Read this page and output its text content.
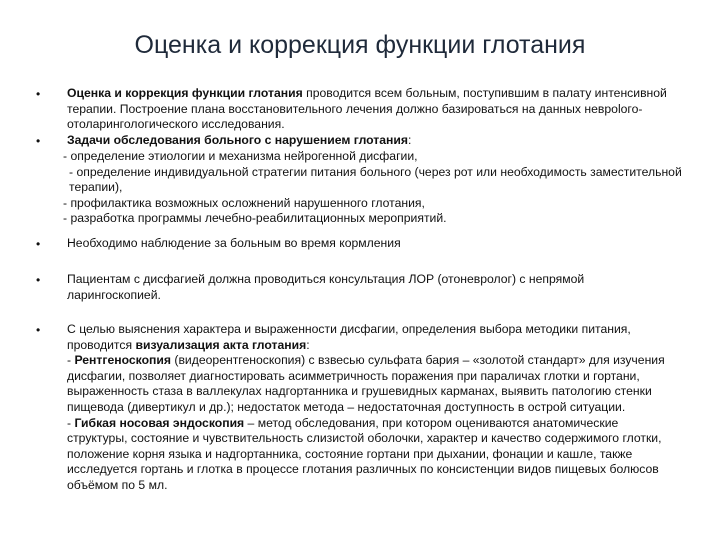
Оценка и коррекция функции глотания
• Оценка и коррекция функции глотания проводится всем больным, поступившим в палату интенсивной терапии. Построение плана восстановительного лечения должно базироваться на данных неврolого-отоларингологического исследования.

• Задачи обследования больного с нарушением глотания:

- определение этиологии и механизма нейрогенной дисфагии,

- определение индивидуальной стратегии питания больного (через рот или необходимость заместительной терапии),

- профилактика возможных осложнений нарушенного глотания,

- разработка программы лечебно-реабилитационных мероприятий.

• Необходимо наблюдение за больным во время кормления
• Пациентам с дисфагией должна проводиться консультация ЛОР (отоневролог) с непрямой ларингоскопией.
• С целью выяснения характера и выраженности дисфагии, определения выбора методики питания, проводится визуализация акта глотания:

- Рентгеноскопия (видеорентгеноскопия) с взвесью сульфата бария – «золотой стандарт» для изучения дисфагии, позволяет диагностировать асимметричность поражения при параличах глотки и гортани, выраженность стаза в валлекулах надгортанника и грушевидных карманах, выявить патологию стенки пищевода (дивертикул и др.); недостаток метода – недостаточная доступность в острой ситуации.

- Гибкая носовая эндоскопия – метод обследования, при котором оцениваются анатомические структуры, состояние и чувствительность слизистой оболочки, характер и качество содержимого глотки, положение корня языка и надгортанника, состояние гортани при дыхании, фонации и кашле, также исследуется гортань и глотка в процессе глотания различных по консистенции видов пищевых болюсов объёмом по 5 мл.
